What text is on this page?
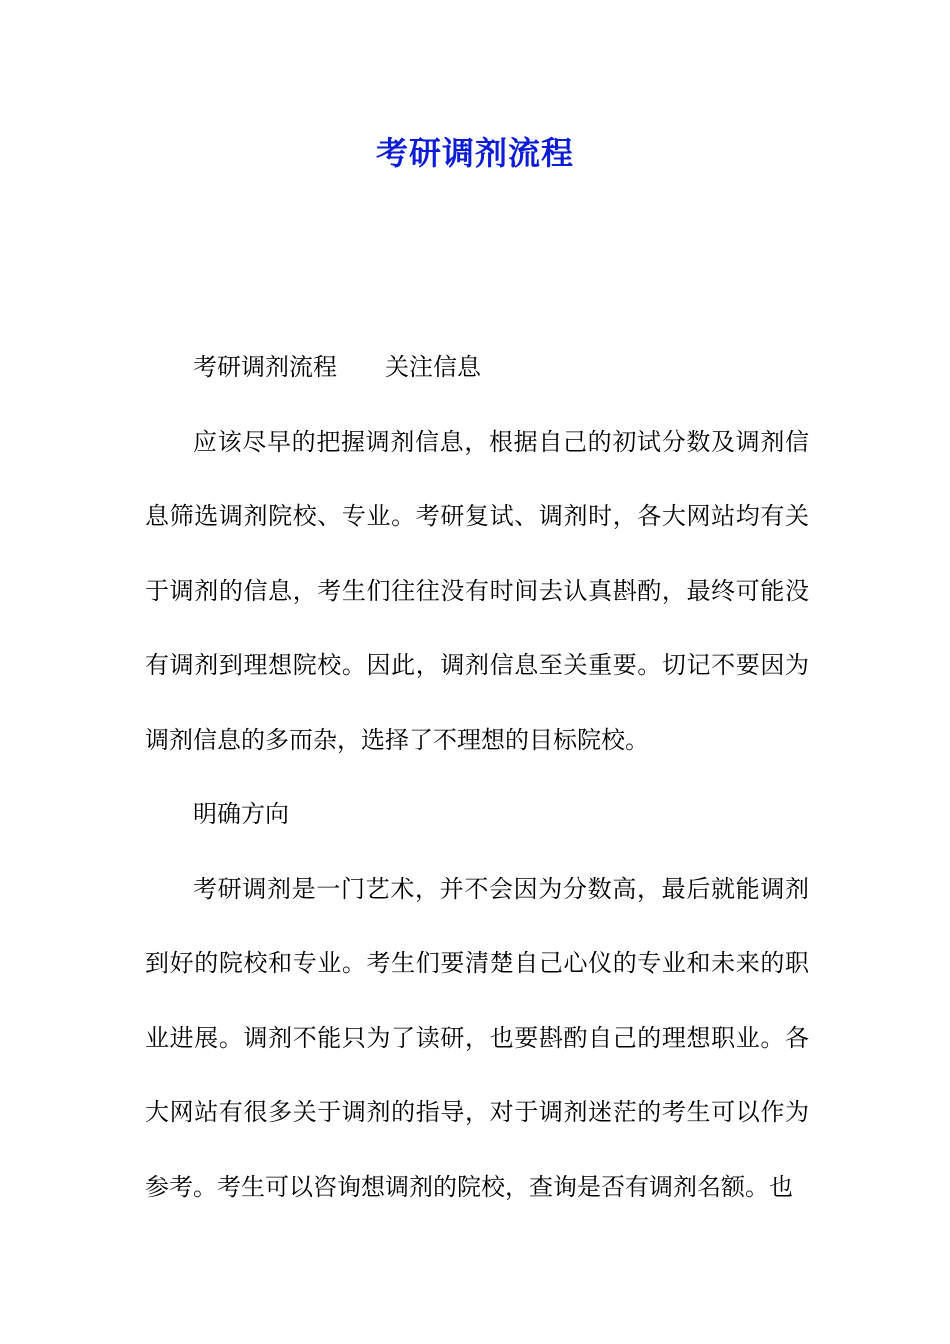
考研调剂流程

考研调剂流程 关注信息

应该尽早的把握调剂信息，根据自己的初试分数及调剂信息筛选调剂院校、专业。考研复试、调剂时，各大网站均有关于调剂的信息，考生们往往没有时间去认真斟酌，最终可能没有调剂到理想院校。因此，调剂信息至关重要。切记不要因为调剂信息的多而杂，选择了不理想的目标院校。

明确方向

考研调剂是一门艺术，并不会因为分数高，最后就能调剂到好的院校和专业。考生们要清楚自己心仪的专业和未来的职业进展。调剂不能只为了读研，也要斟酌自己的理想职业。各大网站有很多关于调剂的指导，对于调剂迷茫的考生可以作为参考。考生可以咨询想调剂的院校，查询是否有调剂名额。也
